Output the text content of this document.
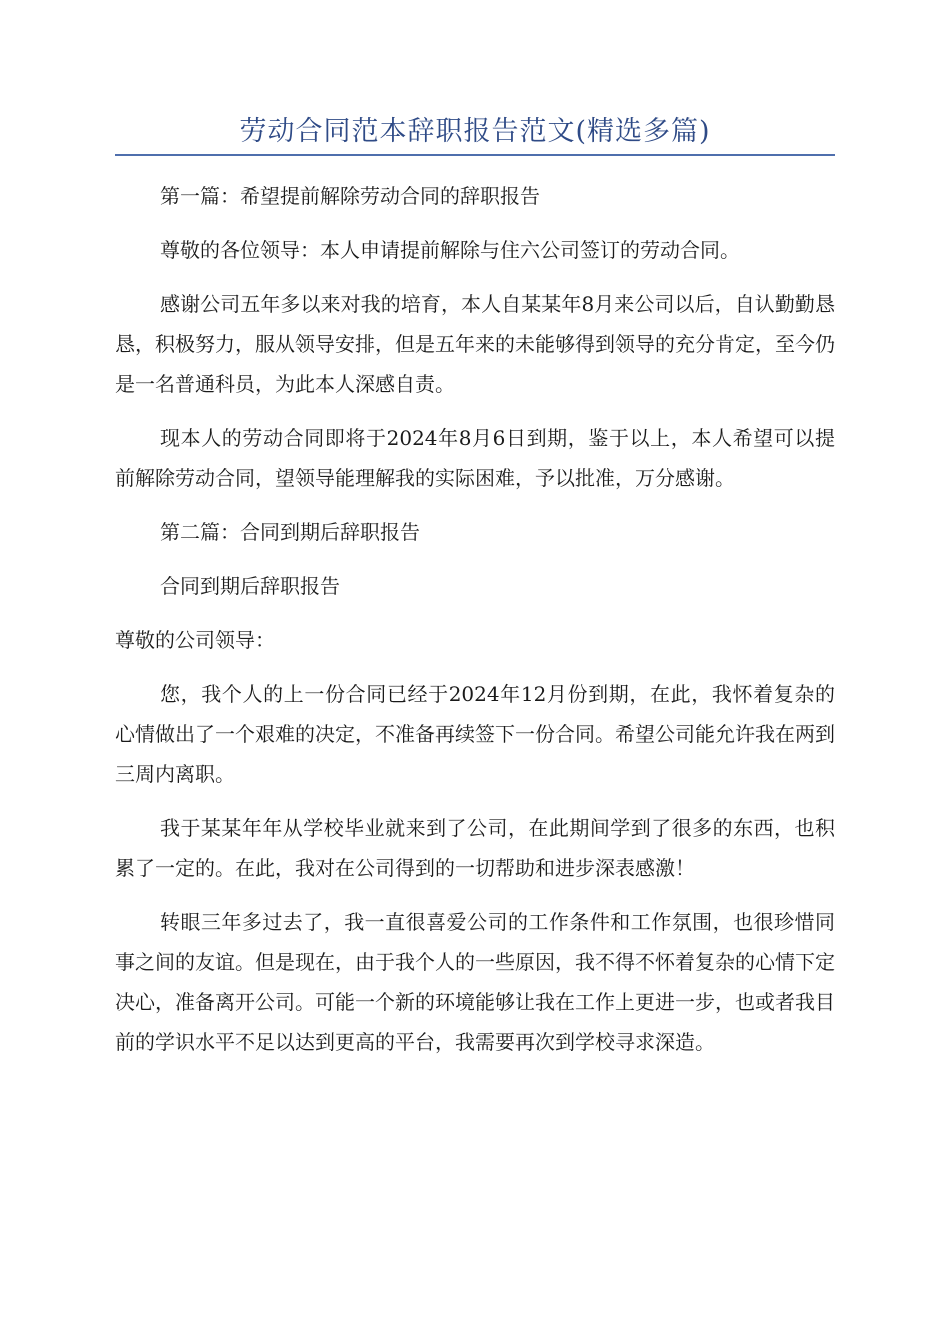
劳动合同范本辞职报告范文(精选多篇)

第一篇：希望提前解除劳动合同的辞职报告

尊敬的各位领导：本人申请提前解除与住六公司签订的劳动合同。

感谢公司五年多以来对我的培育，本人自某某年8月来公司以后，自认勤勤恳恳，积极努力，服从领导安排，但是五年来的未能够得到领导的充分肯定，至今仍是一名普通科员，为此本人深感自责。

现本人的劳动合同即将于2024年8月6日到期，鉴于以上，本人希望可以提前解除劳动合同，望领导能理解我的实际困难，予以批准，万分感谢。

第二篇：合同到期后辞职报告

合同到期后辞职报告

尊敬的公司领导：

您，我个人的上一份合同已经于2024年12月份到期，在此，我怀着复杂的心情做出了一个艰难的决定，不准备再续签下一份合同。希望公司能允许我在两到三周内离职。

我于某某年年从学校毕业就来到了公司，在此期间学到了很多的东西，也积累了一定的。在此，我对在公司得到的一切帮助和进步深表感激！

转眼三年多过去了，我一直很喜爱公司的工作条件和工作氛围，也很珍惜同事之间的友谊。但是现在，由于我个人的一些原因，我不得不怀着复杂的心情下定决心，准备离开公司。可能一个新的环境能够让我在工作上更进一步，也或者我目前的学识水平不足以达到更高的平台，我需要再次到学校寻求深造。
